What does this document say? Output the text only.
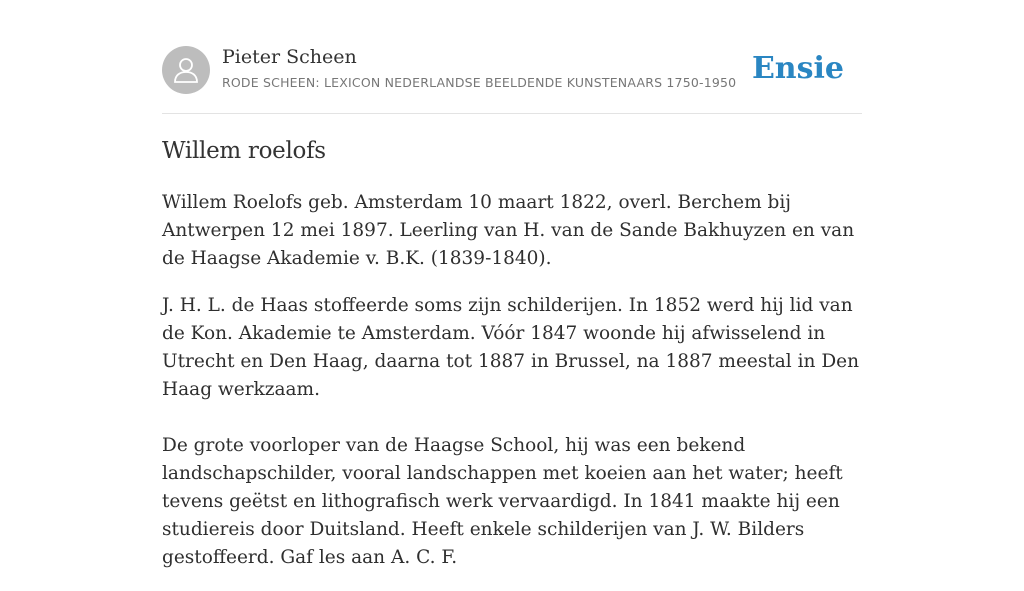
Pieter Scheen
RODE SCHEEN: LEXICON NEDERLANDSE BEELDENDE KUNSTENAARS 1750-1950 Ensie
Willem roelofs

Willem Roelofs geb. Amsterdam 10 maart 1822, overl. Berchem bij Antwerpen 12 mei 1897. Leerling van H. van de Sande Bakhuyzen en van de Haagse Akademie v. B.K. (1839-1840).

J. H. L. de Haas stoffeerde soms zijn schilderijen. In 1852 werd hij lid van de Kon. Akademie te Amsterdam. Vóór 1847 woonde hij afwisselend in Utrecht en Den Haag, daarna tot 1887 in Brussel, na 1887 meestal in Den Haag werkzaam.

De grote voorloper van de Haagse School, hij was een bekend landschapschilder, vooral landschappen met koeien aan het water; heeft tevens geëtst en lithografisch werk vervaardigd. In 1841 maakte hij een studiereis door Duitsland. Heeft enkele schilderijen van J. W. Bilders gestoffeerd. Gaf les aan A. C. F.
